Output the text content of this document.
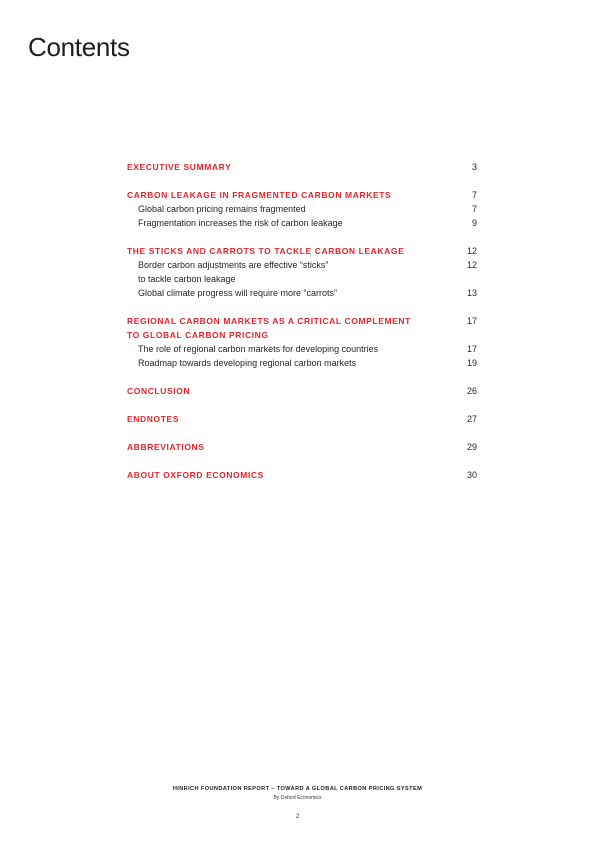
Contents
EXECUTIVE SUMMARY	3
CARBON LEAKAGE IN FRAGMENTED CARBON MARKETS	7
Global carbon pricing remains fragmented	7
Fragmentation increases the risk of carbon leakage	9
THE STICKS AND CARROTS TO TACKLE CARBON LEAKAGE	12
Border carbon adjustments are effective “sticks”	12
to tackle carbon leakage
Global climate progress will require more “carrots”	13
REGIONAL CARBON MARKETS AS A CRITICAL COMPLEMENT	17
TO GLOBAL CARBON PRICING
The role of regional carbon markets for developing countries	17
Roadmap towards developing regional carbon markets	19
CONCLUSION	26
ENDNOTES	27
ABBREVIATIONS	29
ABOUT OXFORD ECONOMICS	30
HINRICH FOUNDATION REPORT – TOWARD A GLOBAL CARBON PRICING SYSTEM
By Oxford Economics
2
